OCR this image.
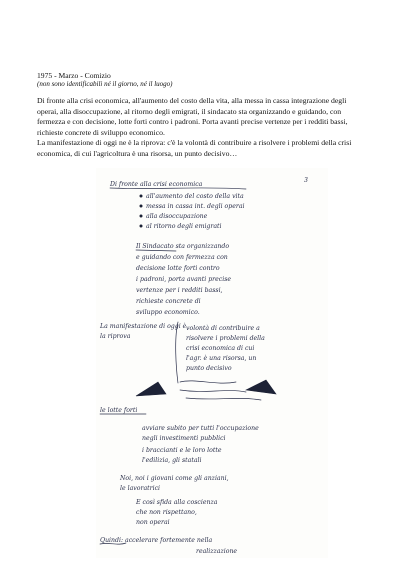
1975 - Marzo - Comizio
(non sono identificabili né il giorno, né il luogo)

Di fronte alla crisi economica, all'aumento del costo della vita, alla messa in cassa integrazione degli operai, alla disoccupazione, al ritorno degli emigrati, il sindacato sta organizzando e guidando, con fermezza e con decisione, lotte forti contro i padroni. Porta avanti precise vertenze per i redditi bassi, richieste concrete di sviluppo economico.

La manifestazione di oggi ne è la riprova: c'è la volontà di contribuire a risolvere i problemi della crisi economica, di cui l'agricoltura è una risorsa, un punto decisivo…

3
Di fronte alla crisi economica
all'aumento del costo della vita
messa in cassa int. degli operai
alla disoccupazione
al ritorno degli emigrati
Il Sindacato sta organizzando
e guidando con fermezza con
decisione lotte forti contro
i padroni, porta avanti precise
vertenze per i redditi bassi,
richieste concrete di
sviluppo economico.
La manifestazione di oggi è
la riprova
volontà di contribuire a
risolvere i problemi della
crisi economica di cui
l'agr. è una risorsa, un
punto decisivo
le lotte forti
avviare subito per tutti l'occupazione
negli investimenti pubblici
i braccianti e le loro lotte
l'edilizia, gli statali
Noi, noi i giovani come gli anziani,
le lavoratrici
E così sfida alla coscienza
che non rispettano,
non operai
Quindi: accelerare fortemente nella
realizzazione
